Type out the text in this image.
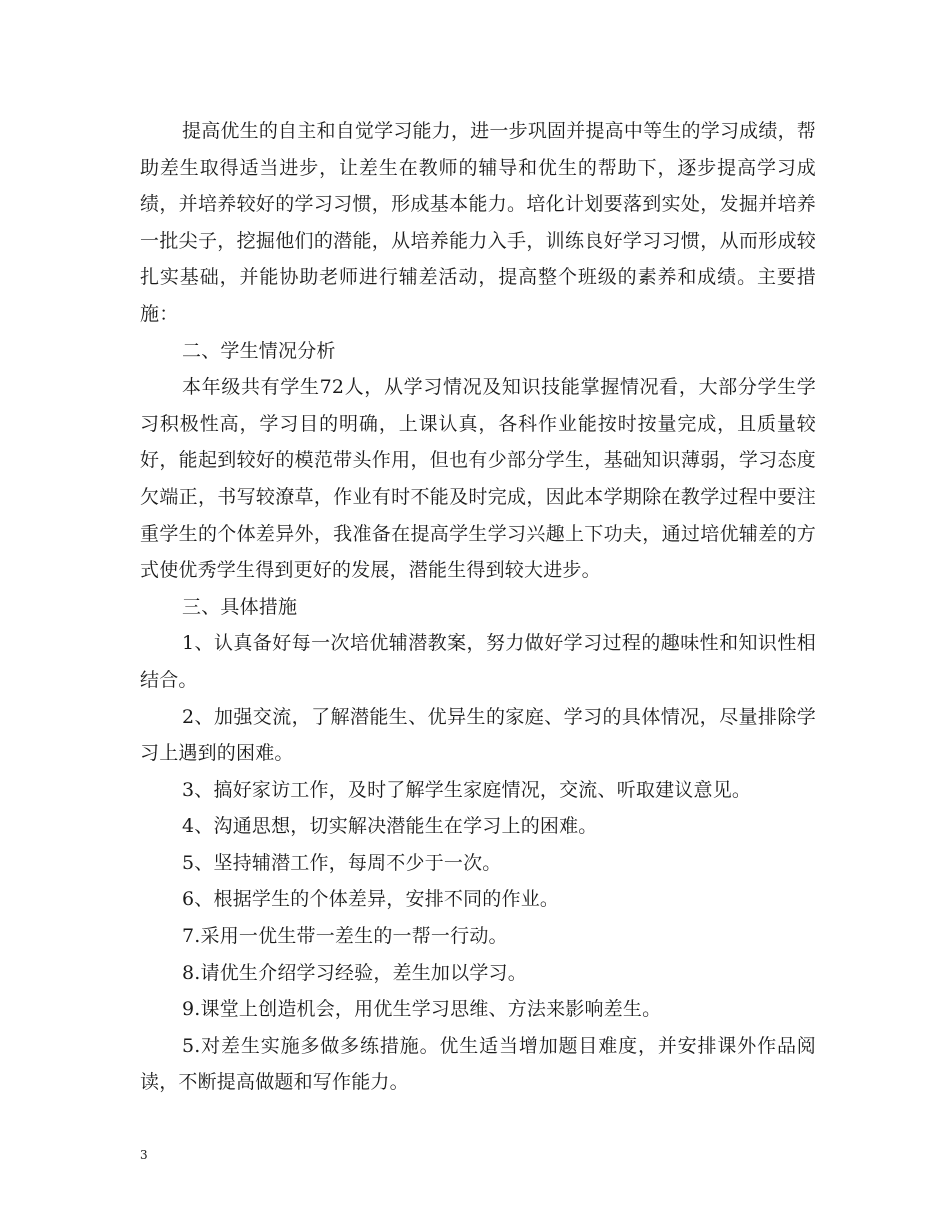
提高优生的自主和自觉学习能力，进一步巩固并提高中等生的学习成绩，帮助差生取得适当进步，让差生在教师的辅导和优生的帮助下，逐步提高学习成绩，并培养较好的学习习惯，形成基本能力。培化计划要落到实处，发掘并培养一批尖子，挖掘他们的潜能，从培养能力入手，训练良好学习习惯，从而形成较扎实基础，并能协助老师进行辅差活动，提高整个班级的素养和成绩。主要措施：

二、学生情况分析

本年级共有学生72人，从学习情况及知识技能掌握情况看，大部分学生学习积极性高，学习目的明确，上课认真，各科作业能按时按量完成，且质量较好，能起到较好的模范带头作用，但也有少部分学生，基础知识薄弱，学习态度欠端正，书写较潦草，作业有时不能及时完成，因此本学期除在教学过程中要注重学生的个体差异外，我准备在提高学生学习兴趣上下功夫，通过培优辅差的方式使优秀学生得到更好的发展，潜能生得到较大进步。

三、具体措施

1、认真备好每一次培优辅潜教案，努力做好学习过程的趣味性和知识性相结合。

2、加强交流，了解潜能生、优异生的家庭、学习的具体情况，尽量排除学习上遇到的困难。

3、搞好家访工作，及时了解学生家庭情况，交流、听取建议意见。

4、沟通思想，切实解决潜能生在学习上的困难。

5、坚持辅潜工作，每周不少于一次。

6、根据学生的个体差异，安排不同的作业。

7.采用一优生带一差生的一帮一行动。

8.请优生介绍学习经验，差生加以学习。

9.课堂上创造机会，用优生学习思维、方法来影响差生。

5.对差生实施多做多练措施。优生适当增加题目难度，并安排课外作品阅读，不断提高做题和写作能力。

3
